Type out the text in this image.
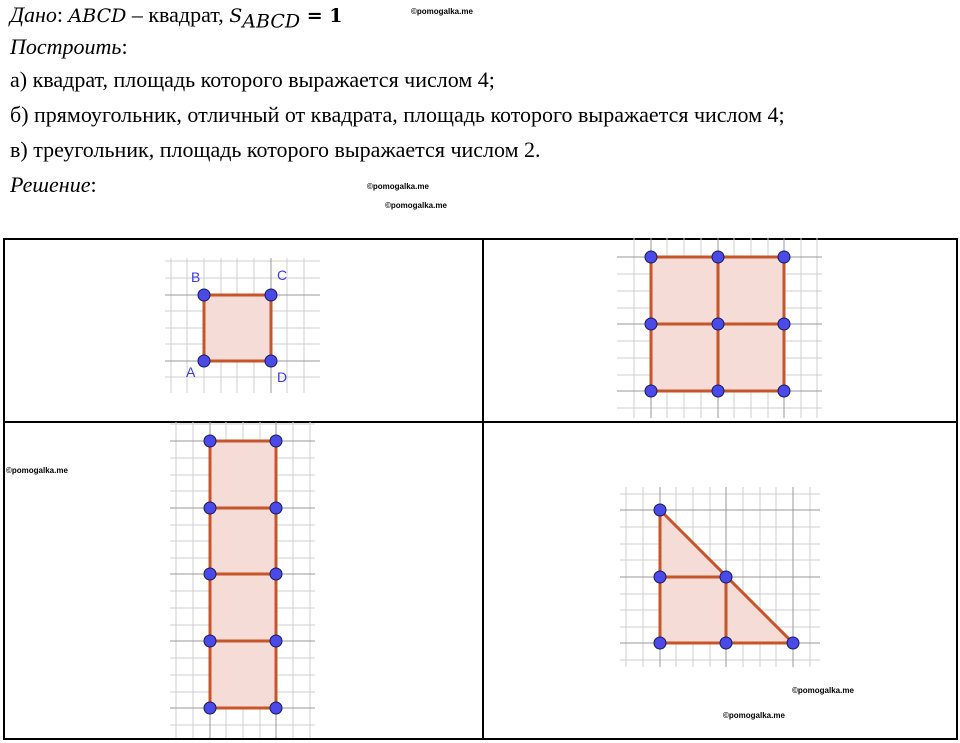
Дано: ABCD – квадрат, $S_{ABCD} = 1$	©pomogalka.me
Построить:
а) квадрат, площадь которого выражается числом 4;
б) прямоугольник, отличный от квадрата, площадь которого выражается числом 4;
в) треугольник, площадь которого выражается числом 2.
Решение:	©pomogalka.me
©pomogalka.me
B	C
A	D
©pomogalka.me
©pomogalka.me
©pomogalka.me
